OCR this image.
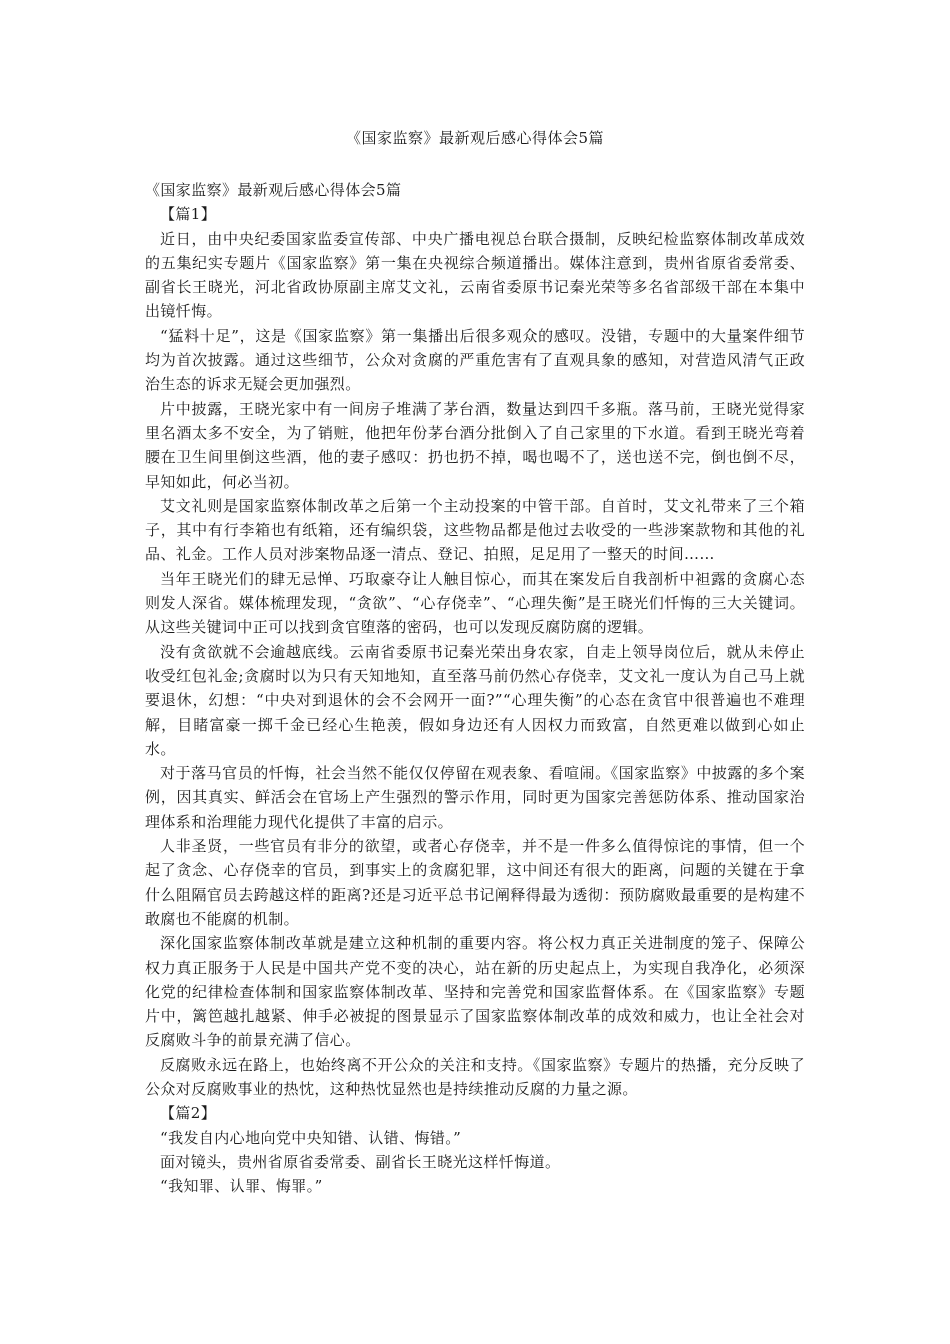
《国家监察》最新观后感心得体会5篇

《国家监察》最新观后感心得体会5篇

【篇1】

近日，由中央纪委国家监委宣传部、中央广播电视总台联合摄制，反映纪检监察体制改革成效的五集纪实专题片《国家监察》第一集在央视综合频道播出。媒体注意到，贵州省原省委常委、副省长王晓光，河北省政协原副主席艾文礼，云南省委原书记秦光荣等多名省部级干部在本集中出镜忏悔。

“猛料十足”，这是《国家监察》第一集播出后很多观众的感叹。没错，专题中的大量案件细节均为首次披露。通过这些细节，公众对贪腐的严重危害有了直观具象的感知，对营造风清气正政治生态的诉求无疑会更加强烈。

片中披露，王晓光家中有一间房子堆满了茅台酒，数量达到四千多瓶。落马前，王晓光觉得家里名酒太多不安全，为了销赃，他把年份茅台酒分批倒入了自己家里的下水道。看到王晓光弯着腰在卫生间里倒这些酒，他的妻子感叹：扔也扔不掉，喝也喝不了，送也送不完，倒也倒不尽，早知如此，何必当初。

艾文礼则是国家监察体制改革之后第一个主动投案的中管干部。自首时，艾文礼带来了三个箱子，其中有行李箱也有纸箱，还有编织袋，这些物品都是他过去收受的一些涉案款物和其他的礼品、礼金。工作人员对涉案物品逐一清点、登记、拍照，足足用了一整天的时间……

当年王晓光们的肆无忌惮、巧取豪夺让人触目惊心，而其在案发后自我剖析中袒露的贪腐心态则发人深省。媒体梳理发现，“贪欲”、“心存侥幸”、“心理失衡”是王晓光们忏悔的三大关键词。从这些关键词中正可以找到贪官堕落的密码，也可以发现反腐防腐的逻辑。

没有贪欲就不会逾越底线。云南省委原书记秦光荣出身农家，自走上领导岗位后，就从未停止收受红包礼金;贪腐时以为只有天知地知，直至落马前仍然心存侥幸，艾文礼一度认为自己马上就要退休，幻想：“中央对到退休的会不会网开一面?”“心理失衡”的心态在贪官中很普遍也不难理解，目睹富豪一掷千金已经心生艳羡，假如身边还有人因权力而致富，自然更难以做到心如止水。

对于落马官员的忏悔，社会当然不能仅仅停留在观表象、看喧闹。《国家监察》中披露的多个案例，因其真实、鲜活会在官场上产生强烈的警示作用，同时更为国家完善惩防体系、推动国家治理体系和治理能力现代化提供了丰富的启示。

人非圣贤，一些官员有非分的欲望，或者心存侥幸，并不是一件多么值得惊诧的事情，但一个起了贪念、心存侥幸的官员，到事实上的贪腐犯罪，这中间还有很大的距离，问题的关键在于拿什么阻隔官员去跨越这样的距离?还是习近平总书记阐释得最为透彻：预防腐败最重要的是构建不敢腐也不能腐的机制。

深化国家监察体制改革就是建立这种机制的重要内容。将公权力真正关进制度的笼子、保障公权力真正服务于人民是中国共产党不变的决心，站在新的历史起点上，为实现自我净化，必须深化党的纪律检查体制和国家监察体制改革、坚持和完善党和国家监督体系。在《国家监察》专题片中，篱笆越扎越紧、伸手必被捉的图景显示了国家监察体制改革的成效和威力，也让全社会对反腐败斗争的前景充满了信心。

反腐败永远在路上，也始终离不开公众的关注和支持。《国家监察》专题片的热播，充分反映了公众对反腐败事业的热忱，这种热忱显然也是持续推动反腐的力量之源。

【篇2】

“我发自内心地向党中央知错、认错、悔错。”

面对镜头，贵州省原省委常委、副省长王晓光这样忏悔道。

“我知罪、认罪、悔罪。”
